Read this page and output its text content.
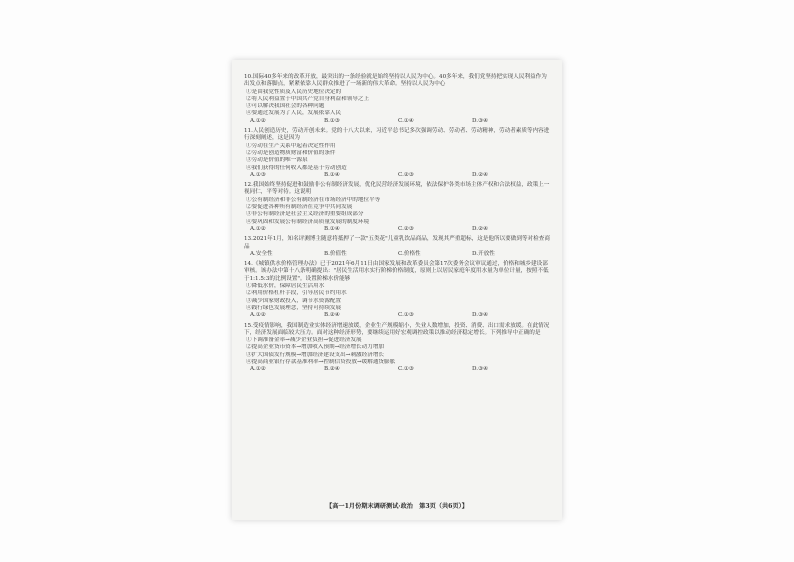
10.国际40多年来的改革开放，最突出的一条经验就是始终坚持以人民为中心。40多年来，我们党坚持把实现人民利益作为出发点和落脚点，紧紧依靠人民群众推进了一场新的伟大革命。坚持以人民为中心

①是由我党性质及人民历史地位决定的

②将人民利益置于中国共产党自身利益和领导之上

③可以解决我国社会的各种问题

④要通过发展为了人民，发展依靠人民

A.①②	B.①③	C.①④	D.③④

11.人民创造历史，劳动开创未来。党的十八大以来，习近平总书记多次强调劳动、劳动者、劳动精神，劳动者素质等内容进行深刻阐述，这是因为

①劳动在生产关系中起着决定性作用

②劳动是创造物质财富和价值的条件

③劳动是价值的唯一源泉

④我们获得的任何收入都是基于劳动创造

A.①③	B.①④	C.②③	D.②④

12.我国始终坚持促进和鼓励非公有制经济发展，优化民营经济发展环境，依法保护各类市场主体产权和合法权益，政策上一视同仁，平等对待。这说明

①公有制经济和非公有制经济在市场经济中的地位平等

②要促进各种所有制经济在竞争中共同发展

③非公有制经济是社会主义经济的重要组成部分

④要巩固和发展公有制经济高质量发展的制度环境

A.①②	B.①④	C.②③	D.②④

13.2021年1月，知名评测博主随意将抵押了一款"五类花"儿童乳饮品商品，发现其严重超标，这是他所以要做到等对检查商品

A.安全性	B.价值性	C.价格性	D.开放性

14.《城镇供水价格管理办法》已于2021年6月11日由国家发展和改革委员会第17次委务会议审议通过，价格和城乡建设部审核。该办法中第十八条明确提出："居民生活用水实行阶梯价格制度，原则上以居民家庭年度用水量为单位计量，按照不低于1:1.5:3的比例设置"。设置阶梯水价能够

①降低水价，保障居民生活用水

②利用价格杠杆手段，引导居民节约用水

③减少国家财政投入，调节水资源配置

④践行绿色发展理念，坚持可持续发展

A.①②	B.②④	C.①③	D.③④

15.受疫情影响，我国制造业实体经济增速放缓，企业生产规模缩小，失业人数增加，投资、消费、出口需求放缓。在此情况下，经济发展面临较大压力。面对这种经济形势，要继续运用好宏观调控政策以推动经济稳定增长。下列推导中正确的是

①下调准备金率→减少企业负担→促进经济发展

②提高企业货币资本→增加收入预期→经济增长动力增加

③扩大国债发行规模→增加经济建设支出→刺激经济增长

④提高商业银行存款基准利率→控制信贷投放→缓解通货膨胀

A.①②	B.②④	C.①③	D.③④
【高一1月份期末调研测试·政治　第3页（共6页）】
